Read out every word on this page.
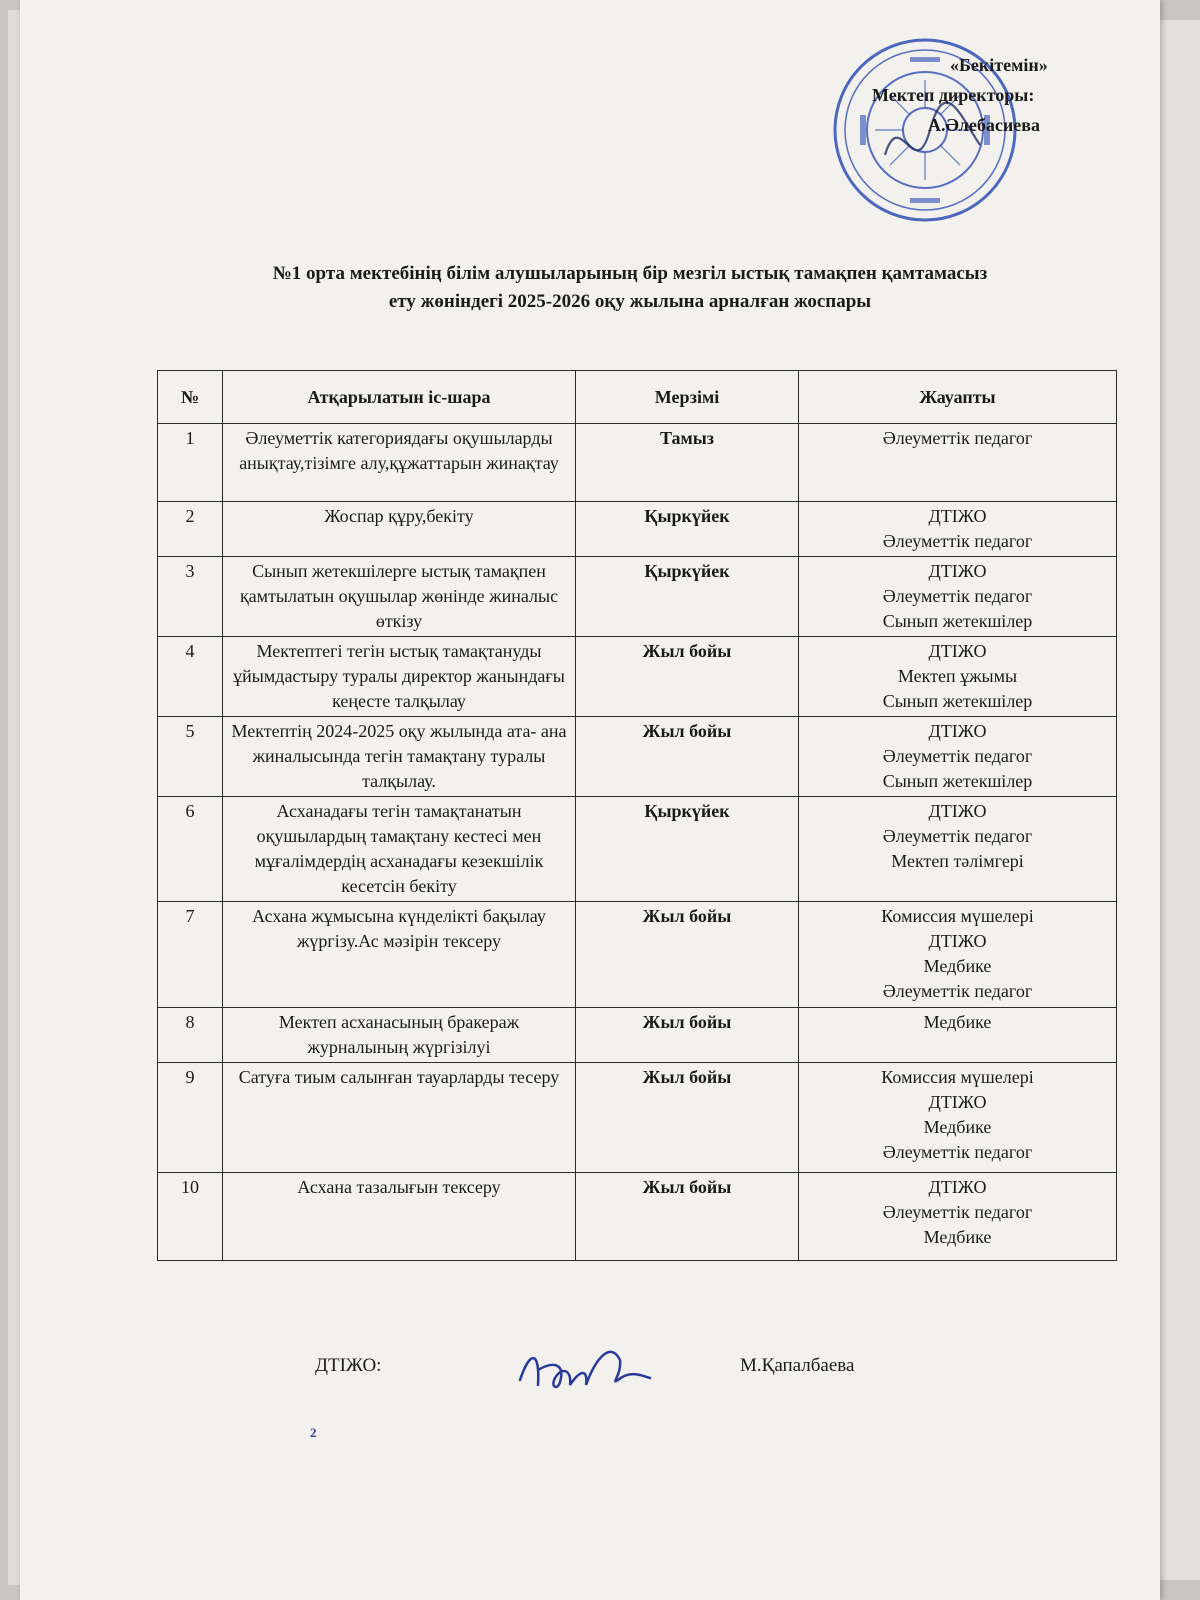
«Бекітемін»
Мектеп директоры:
А.Әлебасиева
№1 орта мектебінің білім алушыларының бір мезгіл ыстық тамақпен қамтамасыз
ету жөніндегі 2025-2026 оқу жылына арналған жоспары
№	Атқарылатын іс-шара	Мерзімі	Жауапты
1	Әлеуметтік категориядағы оқушыларды анықтау,тізімге алу,құжаттарын жинақтау	Тамыз	Әлеуметтік педагог

2	Жоспар құру,бекіту	Қыркүйек	ДТІЖО
Әлеуметтік педагог

3	Сынып жетекшілерге ыстық тамақпен қамтылатын оқушылар жөнінде жиналыс өткізу	Қыркүйек	ДТІЖО
Әлеуметтік педагог
Сынып жетекшілер

4	Мектептегі тегін ыстық тамақтануды ұйымдастыру туралы директор жанындағы кеңесте талқылау	Жыл бойы	ДТІЖО
Мектеп ұжымы
Сынып жетекшілер

5	Мектептің 2024-2025 оқу жылында ата- ана жиналысында тегін тамақтану туралы талқылау.	Жыл бойы	ДТІЖО
Әлеуметтік педагог
Сынып жетекшілер

6	Асханадағы тегін тамақтанатын оқушылардың тамақтану кестесі мен мұғалімдердің асханадағы кезекшілік кесетсін бекіту	Қыркүйек	ДТІЖО
Әлеуметтік педагог
Мектеп тәлімгері

7	Асхана жұмысына күнделікті бақылау жүргізу.Ас мәзірін тексеру	Жыл бойы	Комиссия мүшелері
ДТІЖО
Медбике
Әлеуметтік педагог

8	Мектеп асханасының бракераж журналының жүргізілуі	Жыл бойы	Медбике

9	Сатуға тиым салынған тауарларды тесеру	Жыл бойы	Комиссия мүшелері
ДТІЖО
Медбике
Әлеуметтік педагог

10	Асхана тазалығын тексеру	Жыл бойы	ДТІЖО
Әлеуметтік педагог
Медбике
ДТІЖО:	М.Қапалбаева
2
